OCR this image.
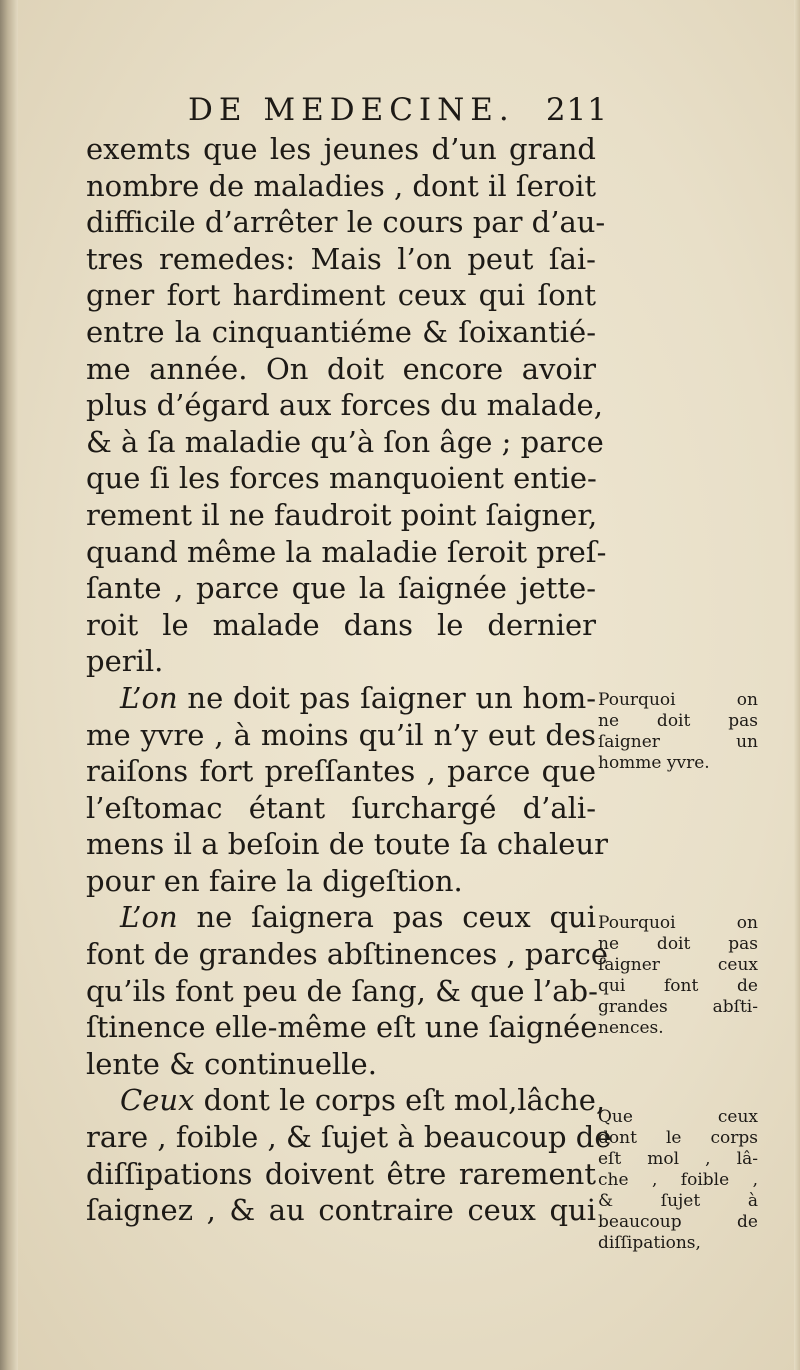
DE MEDECINE. 211
exemts que les jeunes d’un grand
nombre de maladies , dont il ſeroit
difficile d’arrêter le cours par d’au-
tres remedes: Mais l’on peut ſai-
gner fort hardiment ceux qui ſont
entre la cinquantiéme & ſoixantié-
me année. On doit encore avoir
plus d’égard aux forces du malade,
& à ſa maladie qu’à ſon âge ; parce
que ſi les forces manquoient entie-
rement il ne faudroit point ſaigner,
quand même la maladie ſeroit preſ-
ſante , parce que la ſaignée jette-
roit le malade dans le dernier
peril.
L’on ne doit pas ſaigner un hom-
me yvre , à moins qu’il n’y eut des
raiſons fort preſſantes , parce que
l’eſtomac étant ſurchargé d’ali-
mens il a beſoin de toute ſa chaleur
pour en faire la digeſtion.
L’on ne ſaignera pas ceux qui
font de grandes abſtinences , parce
qu’ils font peu de ſang, & que l’ab-
ſtinence elle-même eſt une ſaignée
lente & continuelle.
Ceux dont le corps eſt mol,lâche,
rare , foible , & ſujet à beaucoup de
diſſipations doivent être rarement
ſaignez , & au contraire ceux qui
Pourquoi on
ne doit pas
ſaigner un
homme yvre.
Pourquoi on
ne doit pas
ſaigner ceux
qui font de
grandes abſti-
nences.
Que ceux
dont le corps
eſt mol , lâ-
che , foible ,
& ſujet à
beaucoup de
diſſipations,
